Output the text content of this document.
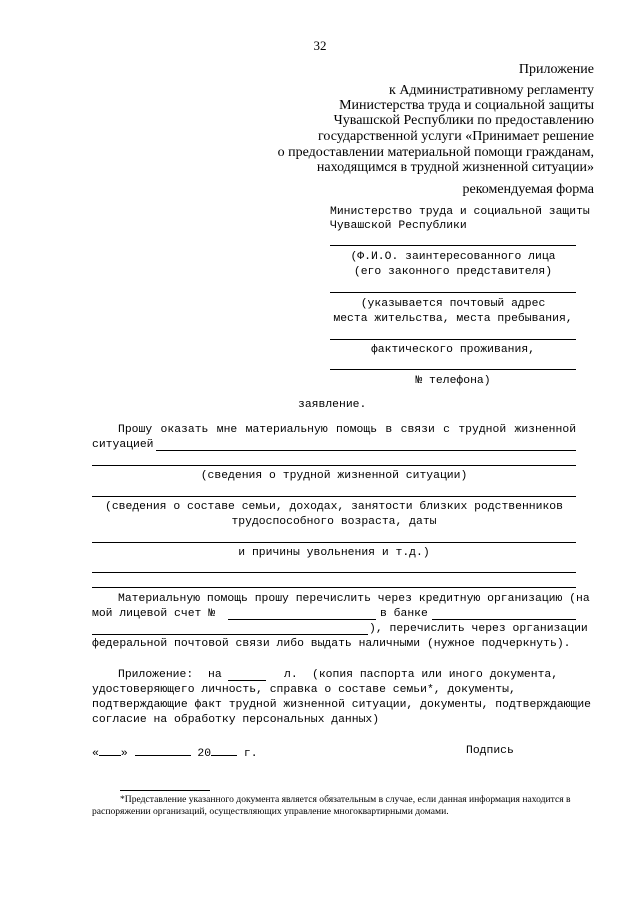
32
Приложение
к Административному регламенту
Министерства труда и социальной защиты
Чувашской Республики по предоставлению
государственной услуги «Принимает решение
о предоставлении материальной помощи гражданам,
находящимся в трудной жизненной ситуации»
рекомендуемая форма
Министерство труда и социальной защиты
Чувашской Республики
(Ф.И.О. заинтересованного лица
(его законного представителя)
(указывается почтовый адрес
места жительства, места пребывания,
фактического проживания,
№ телефона)
заявление.
Прошу оказать мне материальную помощь в связи с трудной жизненной
ситуацией
(сведения о трудной жизненной ситуации)
(сведения о составе семьи, доходах, занятости близких родственников
трудоспособного возраста, даты
и причины увольнения и т.д.)
Материальную помощь прошу перечислить через кредитную организацию (на
мой лицевой счет №	в банке
), перечислить через организации
федеральной почтовой связи либо выдать наличными (нужное подчеркнуть).
Приложение: на	л. (копия паспорта или иного документа,
удостоверяющего личность, справка о составе семьи*, документы,
подтверждающие факт трудной жизненной ситуации, документы, подтверждающие
согласие на обработку персональных данных)
« »	20	г.	Подпись
*Представление указанного документа является обязательным в случае, если данная информация находится в распоряжении организаций, осуществляющих управление многоквартирными домами.
